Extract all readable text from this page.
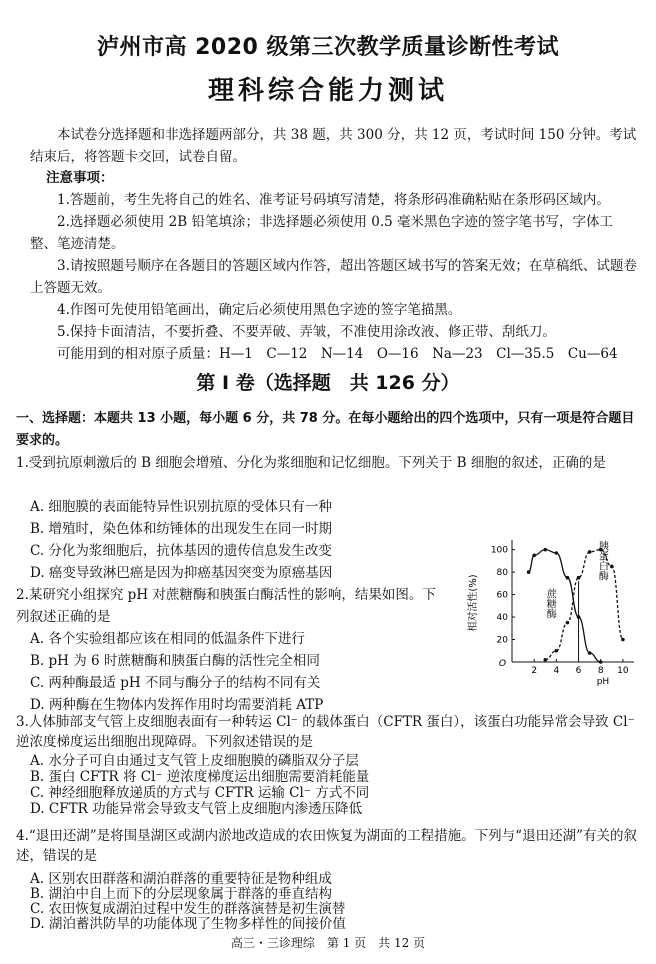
泸州市高 2020 级第三次教学质量诊断性考试
理科综合能力测试
本试卷分选择题和非选择题两部分，共 38 题，共 300 分，共 12 页，考试时间 150 分钟。考试结束后，将答题卡交回，试卷自留。
注意事项：
1.答题前，考生先将自己的姓名、准考证号码填写清楚，将条形码准确粘贴在条形码区域内。
2.选择题必须使用 2B 铅笔填涂；非选择题必须使用 0.5 毫米黑色字迹的签字笔书写，字体工整、笔迹清楚。
3.请按照题号顺序在各题目的答题区域内作答，超出答题区域书写的答案无效；在草稿纸、试题卷上答题无效。
4.作图可先使用铅笔画出，确定后必须使用黑色字迹的签字笔描黑。
5.保持卡面清洁，不要折叠、不要弄破、弄皱，不准使用涂改液、修正带、刮纸刀。
可能用到的相对原子质量：H—1　C—12　N—14　O—16　Na—23　Cl—35.5　Cu—64
第 I 卷（选择题　共 126 分）
一、选择题：本题共 13 小题，每小题 6 分，共 78 分。在每小题给出的四个选项中，只有一项是符合题目要求的。
1.受到抗原刺激后的 B 细胞会增殖、分化为浆细胞和记忆细胞。下列关于 B 细胞的叙述，正确的是
A. 细胞膜的表面能特异性识别抗原的受体只有一种
B. 增殖时，染色体和纺锤体的出现发生在同一时期
C. 分化为浆细胞后，抗体基因的遗传信息发生改变
D. 癌变导致淋巴癌是因为抑癌基因突变为原癌基因
2.某研究小组探究 pH 对蔗糖酶和胰蛋白酶活性的影响，结果如图。下列叙述正确的是
A. 各个实验组都应该在相同的低温条件下进行
B. pH 为 6 时蔗糖酶和胰蛋白酶的活性完全相同
C. 两种酶最适 pH 不同与酶分子的结构不同有关
D. 两种酶在生物体内发挥作用时均需要消耗 ATP
3.人体肺部支气管上皮细胞表面有一种转运 Cl⁻ 的载体蛋白（CFTR 蛋白），该蛋白功能异常会导致 Cl⁻ 逆浓度梯度运出细胞出现障碍。下列叙述错误的是
A. 水分子可自由通过支气管上皮细胞膜的磷脂双分子层
B. 蛋白 CFTR 将 Cl⁻ 逆浓度梯度运出细胞需要消耗能量
C. 神经细胞释放递质的方式与 CFTR 运输 Cl⁻ 方式不同
D. CFTR 功能异常会导致支气管上皮细胞内渗透压降低
4.“退田还湖”是将围垦湖区或湖内淤地改造成的农田恢复为湖面的工程措施。下列与“退田还湖”有关的叙述，错误的是
A. 区别农田群落和湖泊群落的重要特征是物种组成
2 4 6 8 10
20
40
60
80
100
O
pH
相对活性(%)	蔗糖酶
胰蛋白酶
高三・三诊理综　第 1 页　共 12 页
B. 湖泊中自上而下的分层现象属于群落的垂直结构
C. 农田恢复成湖泊过程中发生的群落演替是初生演替
D. 湖泊蓄洪防旱的功能体现了生物多样性的间接价值
